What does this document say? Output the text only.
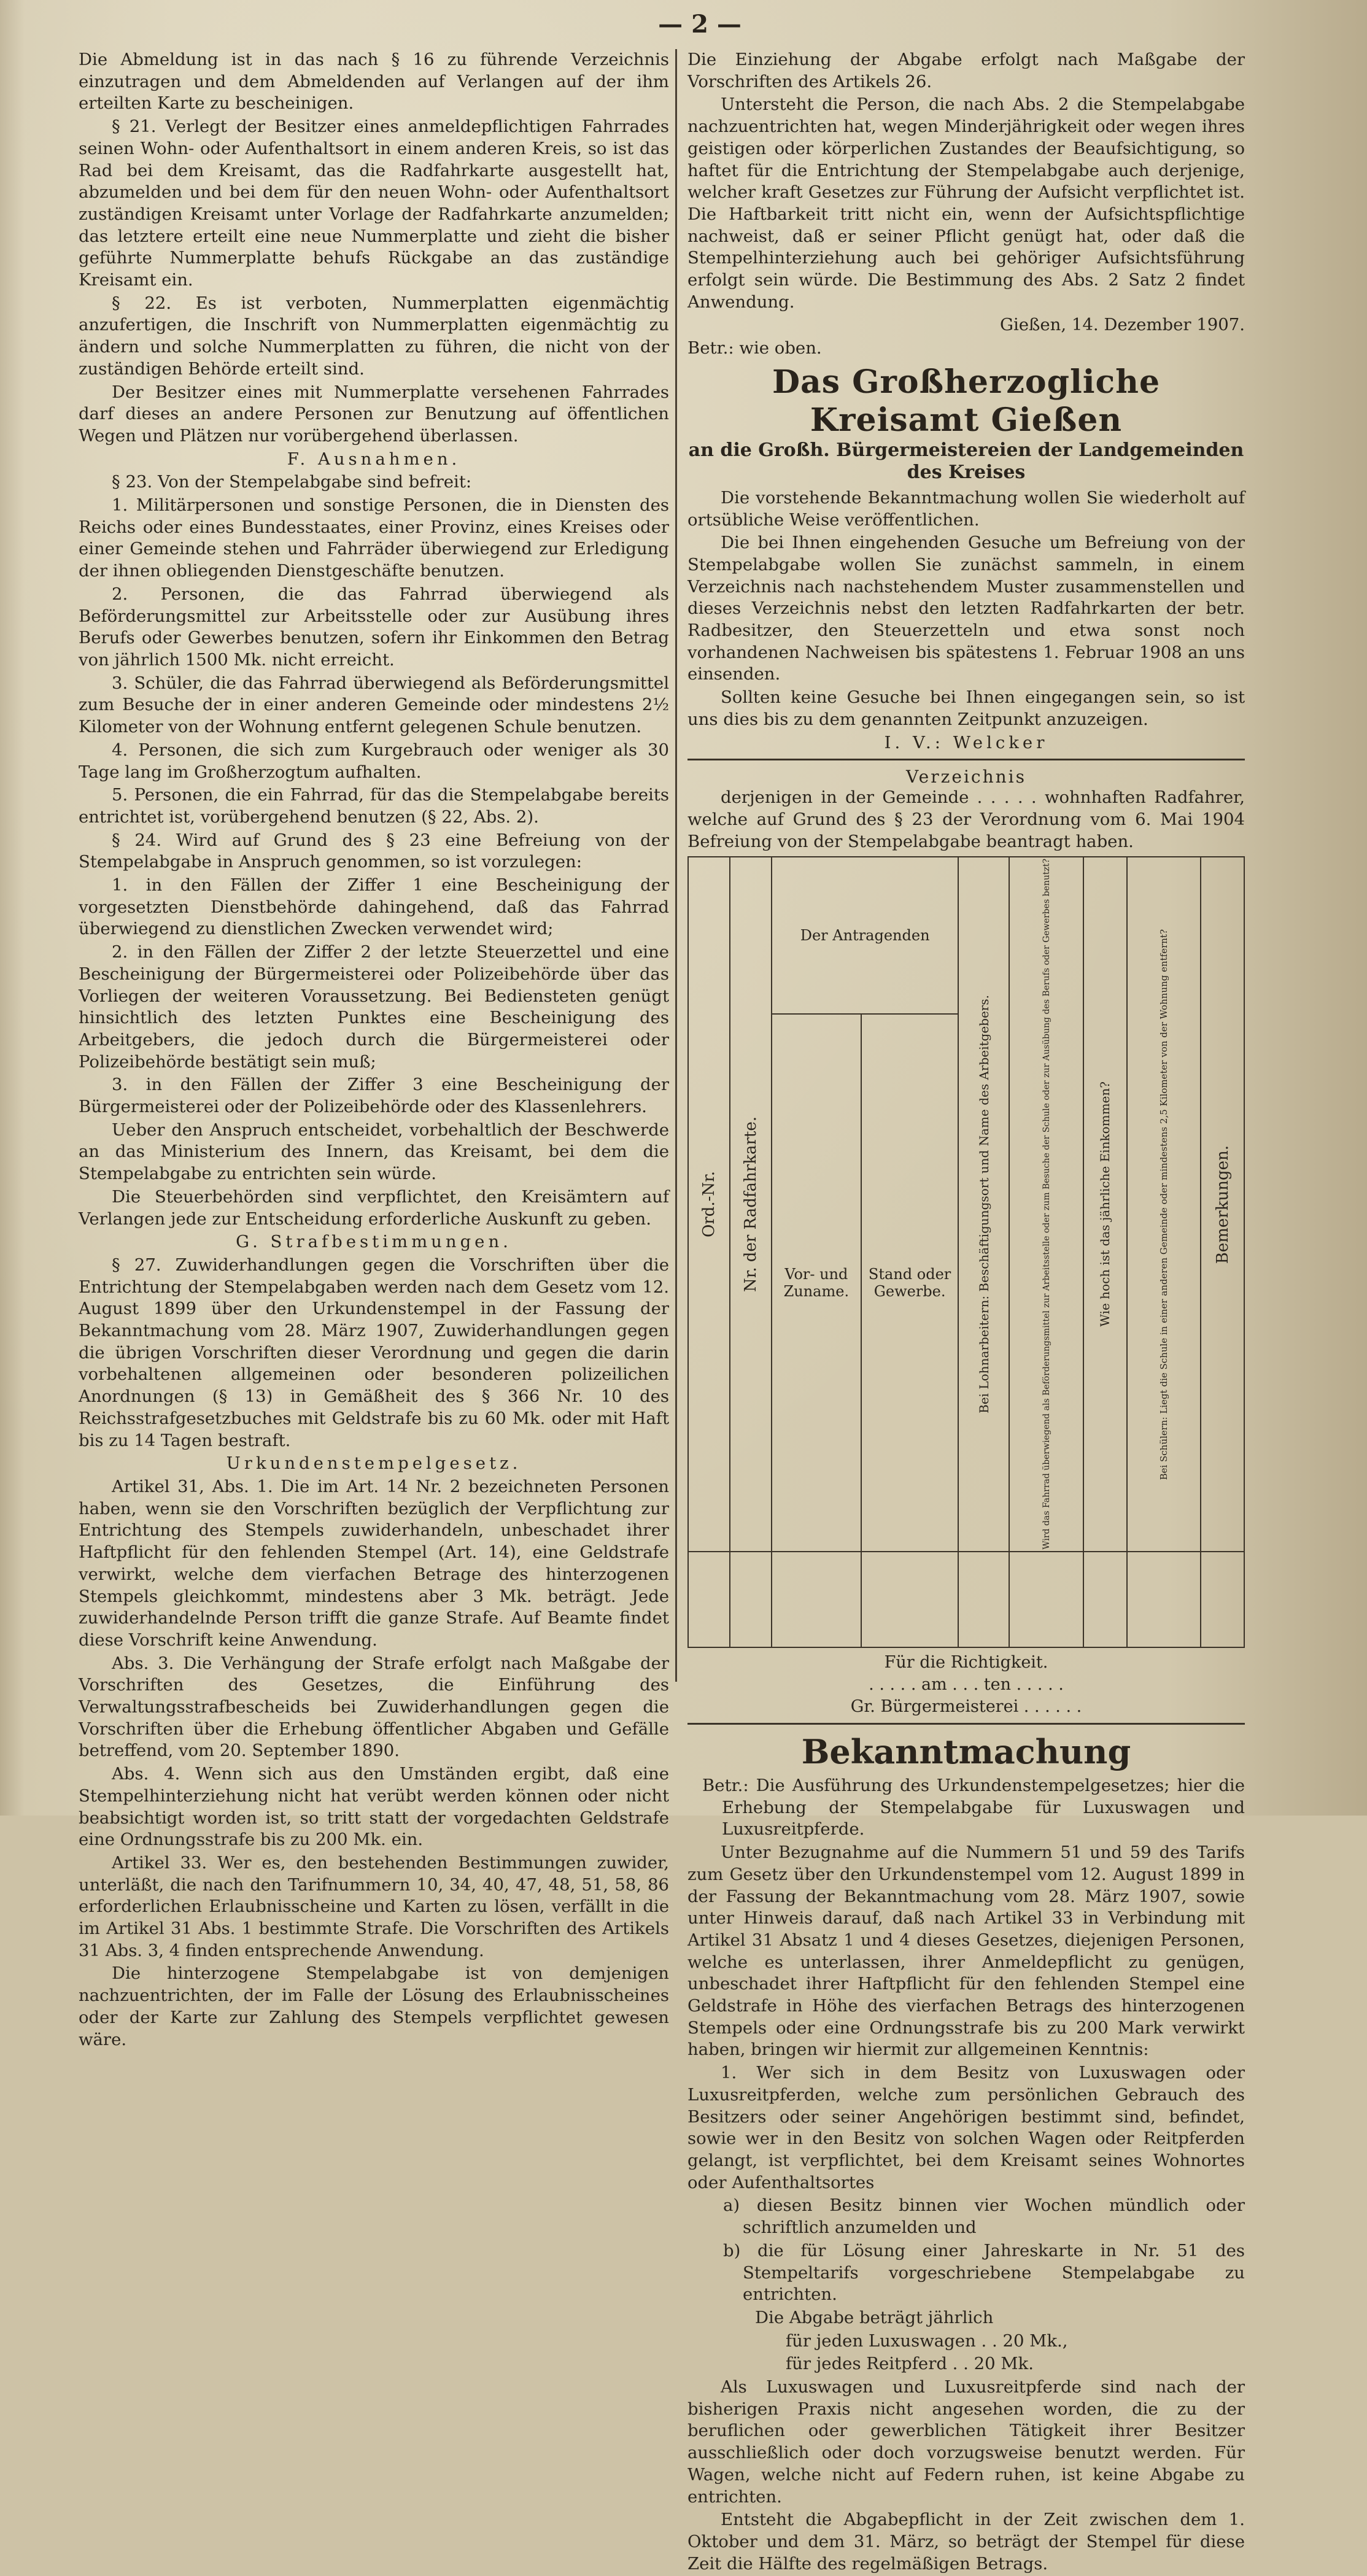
— 2 —

Die Abmeldung ist in das nach § 16 zu führende Verzeichnis einzutragen und dem Abmeldenden auf Verlangen auf der ihm erteilten Karte zu bescheinigen.

§ 21. Verlegt der Besitzer eines anmeldepflichtigen Fahrrades seinen Wohn- oder Aufenthaltsort in einem anderen Kreis, so ist das Rad bei dem Kreisamt, das die Radfahrkarte ausgestellt hat, abzumelden und bei dem für den neuen Wohn- oder Aufenthaltsort zuständigen Kreisamt unter Vorlage der Radfahrkarte anzumelden; das letztere erteilt eine neue Nummerplatte und zieht die bisher geführte Nummerplatte behufs Rückgabe an das zuständige Kreisamt ein.

§ 22. Es ist verboten, Nummerplatten eigenmächtig anzufertigen, die Inschrift von Nummerplatten eigenmächtig zu ändern und solche Nummerplatten zu führen, die nicht von der zuständigen Behörde erteilt sind.

Der Besitzer eines mit Nummerplatte versehenen Fahrrades darf dieses an andere Personen zur Benutzung auf öffentlichen Wegen und Plätzen nur vorübergehend überlassen.

F. Ausnahmen.

§ 23. Von der Stempelabgabe sind befreit:

1. Militärpersonen und sonstige Personen, die in Diensten des Reichs oder eines Bundesstaates, einer Provinz, eines Kreises oder einer Gemeinde stehen und Fahrräder überwiegend zur Erledigung der ihnen obliegenden Dienstgeschäfte benutzen.

2. Personen, die das Fahrrad überwiegend als Beförderungsmittel zur Arbeitsstelle oder zur Ausübung ihres Berufs oder Gewerbes benutzen, sofern ihr Einkommen den Betrag von jährlich 1500 Mk. nicht erreicht.

3. Schüler, die das Fahrrad überwiegend als Beförderungsmittel zum Besuche der in einer anderen Gemeinde oder mindestens 2½ Kilometer von der Wohnung entfernt gelegenen Schule benutzen.

4. Personen, die sich zum Kurgebrauch oder weniger als 30 Tage lang im Großherzogtum aufhalten.

5. Personen, die ein Fahrrad, für das die Stempelabgabe bereits entrichtet ist, vorübergehend benutzen (§ 22, Abs. 2).

§ 24. Wird auf Grund des § 23 eine Befreiung von der Stempelabgabe in Anspruch genommen, so ist vorzulegen:

1. in den Fällen der Ziffer 1 eine Bescheinigung der vorgesetzten Dienstbehörde dahingehend, daß das Fahrrad überwiegend zu dienstlichen Zwecken verwendet wird;

2. in den Fällen der Ziffer 2 der letzte Steuerzettel und eine Bescheinigung der Bürgermeisterei oder Polizeibehörde über das Vorliegen der weiteren Voraussetzung. Bei Bediensteten genügt hinsichtlich des letzten Punktes eine Bescheinigung des Arbeitgebers, die jedoch durch die Bürgermeisterei oder Polizeibehörde bestätigt sein muß;

3. in den Fällen der Ziffer 3 eine Bescheinigung der Bürgermeisterei oder der Polizeibehörde oder des Klassenlehrers.

Ueber den Anspruch entscheidet, vorbehaltlich der Beschwerde an das Ministerium des Innern, das Kreisamt, bei dem die Stempelabgabe zu entrichten sein würde.

Die Steuerbehörden sind verpflichtet, den Kreisämtern auf Verlangen jede zur Entscheidung erforderliche Auskunft zu geben.

G. Strafbestimmungen.

§ 27. Zuwiderhandlungen gegen die Vorschriften über die Entrichtung der Stempelabgaben werden nach dem Gesetz vom 12. August 1899 über den Urkundenstempel in der Fassung der Bekanntmachung vom 28. März 1907, Zuwiderhandlungen gegen die übrigen Vorschriften dieser Verordnung und gegen die darin vorbehaltenen allgemeinen oder besonderen polizeilichen Anordnungen (§ 13) in Gemäßheit des § 366 Nr. 10 des Reichsstrafgesetzbuches mit Geldstrafe bis zu 60 Mk. oder mit Haft bis zu 14 Tagen bestraft.

Urkundenstempelgesetz.

Artikel 31, Abs. 1. Die im Art. 14 Nr. 2 bezeichneten Personen haben, wenn sie den Vorschriften bezüglich der Verpflichtung zur Entrichtung des Stempels zuwiderhandeln, unbeschadet ihrer Haftpflicht für den fehlenden Stempel (Art. 14), eine Geldstrafe verwirkt, welche dem vierfachen Betrage des hinterzogenen Stempels gleichkommt, mindestens aber 3 Mk. beträgt. Jede zuwiderhandelnde Person trifft die ganze Strafe. Auf Beamte findet diese Vorschrift keine Anwendung.

Abs. 3. Die Verhängung der Strafe erfolgt nach Maßgabe der Vorschriften des Gesetzes, die Einführung des Verwaltungsstrafbescheids bei Zuwiderhandlungen gegen die Vorschriften über die Erhebung öffentlicher Abgaben und Gefälle betreffend, vom 20. September 1890.

Abs. 4. Wenn sich aus den Umständen ergibt, daß eine Stempelhinterziehung nicht hat verübt werden können oder nicht beabsichtigt worden ist, so tritt statt der vorgedachten Geldstrafe eine Ordnungsstrafe bis zu 200 Mk. ein.

Artikel 33. Wer es, den bestehenden Bestimmungen zuwider, unterläßt, die nach den Tarifnummern 10, 34, 40, 47, 48, 51, 58, 86 erforderlichen Erlaubnisscheine und Karten zu lösen, verfällt in die im Artikel 31 Abs. 1 bestimmte Strafe. Die Vorschriften des Artikels 31 Abs. 3, 4 finden entsprechende Anwendung.

Die hinterzogene Stempelabgabe ist von demjenigen nachzuentrichten, der im Falle der Lösung des Erlaubnisscheines oder der Karte zur Zahlung des Stempels verpflichtet gewesen wäre.

Die Einziehung der Abgabe erfolgt nach Maßgabe der Vorschriften des Artikels 26.

Untersteht die Person, die nach Abs. 2 die Stempelabgabe nachzuentrichten hat, wegen Minderjährigkeit oder wegen ihres geistigen oder körperlichen Zustandes der Beaufsichtigung, so haftet für die Entrichtung der Stempelabgabe auch derjenige, welcher kraft Gesetzes zur Führung der Aufsicht verpflichtet ist. Die Haftbarkeit tritt nicht ein, wenn der Aufsichtspflichtige nachweist, daß er seiner Pflicht genügt hat, oder daß die Stempelhinterziehung auch bei gehöriger Aufsichtsführung erfolgt sein würde. Die Bestimmung des Abs. 2 Satz 2 findet Anwendung.

Gießen, 14. Dezember 1907.

Betr.: wie oben.

Das Großherzogliche Kreisamt Gießen
an die Großh. Bürgermeistereien der Landgemeinden des Kreises

Die vorstehende Bekanntmachung wollen Sie wiederholt auf ortsübliche Weise veröffentlichen.

Die bei Ihnen eingehenden Gesuche um Befreiung von der Stempelabgabe wollen Sie zunächst sammeln, in einem Verzeichnis nach nachstehendem Muster zusammenstellen und dieses Verzeichnis nebst den letzten Radfahrkarten der betr. Radbesitzer, den Steuerzetteln und etwa sonst noch vorhandenen Nachweisen bis spätestens 1. Februar 1908 an uns einsenden.

Sollten keine Gesuche bei Ihnen eingegangen sein, so ist uns dies bis zu dem genannten Zeitpunkt anzuzeigen.

I. V.: Welcker

Verzeichnis

derjenigen in der Gemeinde . . . . . wohnhaften Radfahrer, welche auf Grund des § 23 der Verordnung vom 6. Mai 1904 Befreiung von der Stempelabgabe beantragt haben.

Ord.-Nr.	Nr. der Radfahrkarte.	Der Antragenden		Bei Lohnarbeitern: Beschäftigungsort und Name des Arbeitgebers.	Wird das Fahrrad überwiegend als Beförderungsmittel zur Arbeitsstelle oder zum Besuche der Schule oder zur Ausübung des Berufs oder Gewerbes benutzt?	Wie hoch ist das jährliche Einkommen?	Bei Schülern: Liegt die Schule in einer anderen Gemeinde oder mindestens 2,5 Kilometer von der Wohnung entfernt?	Bemerkungen.

		Vor- und Zuname.	Stand oder Gewerbe.					

Für die Richtigkeit.
. . . . . am . . . ten . . . . .
Gr. Bürgermeisterei . . . . . .
Bekanntmachung

Betr.: Die Ausführung des Urkundenstempelgesetzes; hier die Erhebung der Stempelabgabe für Luxuswagen und Luxusreitpferde.

Unter Bezugnahme auf die Nummern 51 und 59 des Tarifs zum Gesetz über den Urkundenstempel vom 12. August 1899 in der Fassung der Bekanntmachung vom 28. März 1907, sowie unter Hinweis darauf, daß nach Artikel 33 in Verbindung mit Artikel 31 Absatz 1 und 4 dieses Gesetzes, diejenigen Personen, welche es unterlassen, ihrer Anmeldepflicht zu genügen, unbeschadet ihrer Haftpflicht für den fehlenden Stempel eine Geldstrafe in Höhe des vierfachen Betrags des hinterzogenen Stempels oder eine Ordnungsstrafe bis zu 200 Mark verwirkt haben, bringen wir hiermit zur allgemeinen Kenntnis:

1. Wer sich in dem Besitz von Luxuswagen oder Luxusreitpferden, welche zum persönlichen Gebrauch des Besitzers oder seiner Angehörigen bestimmt sind, befindet, sowie wer in den Besitz von solchen Wagen oder Reitpferden gelangt, ist verpflichtet, bei dem Kreisamt seines Wohnortes oder Aufenthaltsortes

a) diesen Besitz binnen vier Wochen mündlich oder schriftlich anzumelden und

b) die für Lösung einer Jahreskarte in Nr. 51 des Stempeltarifs vorgeschriebene Stempelabgabe zu entrichten.

Die Abgabe beträgt jährlich

für jeden Luxuswagen . . 20 Mk.,

für jedes Reitpferd . . 20 Mk.

Als Luxuswagen und Luxusreitpferde sind nach der bisherigen Praxis nicht angesehen worden, die zu der beruflichen oder gewerblichen Tätigkeit ihrer Besitzer ausschließlich oder doch vorzugsweise benutzt werden. Für Wagen, welche nicht auf Federn ruhen, ist keine Abgabe zu entrichten.

Entsteht die Abgabepflicht in der Zeit zwischen dem 1. Oktober und dem 31. März, so beträgt der Stempel für diese Zeit die Hälfte des regelmäßigen Betrags.
